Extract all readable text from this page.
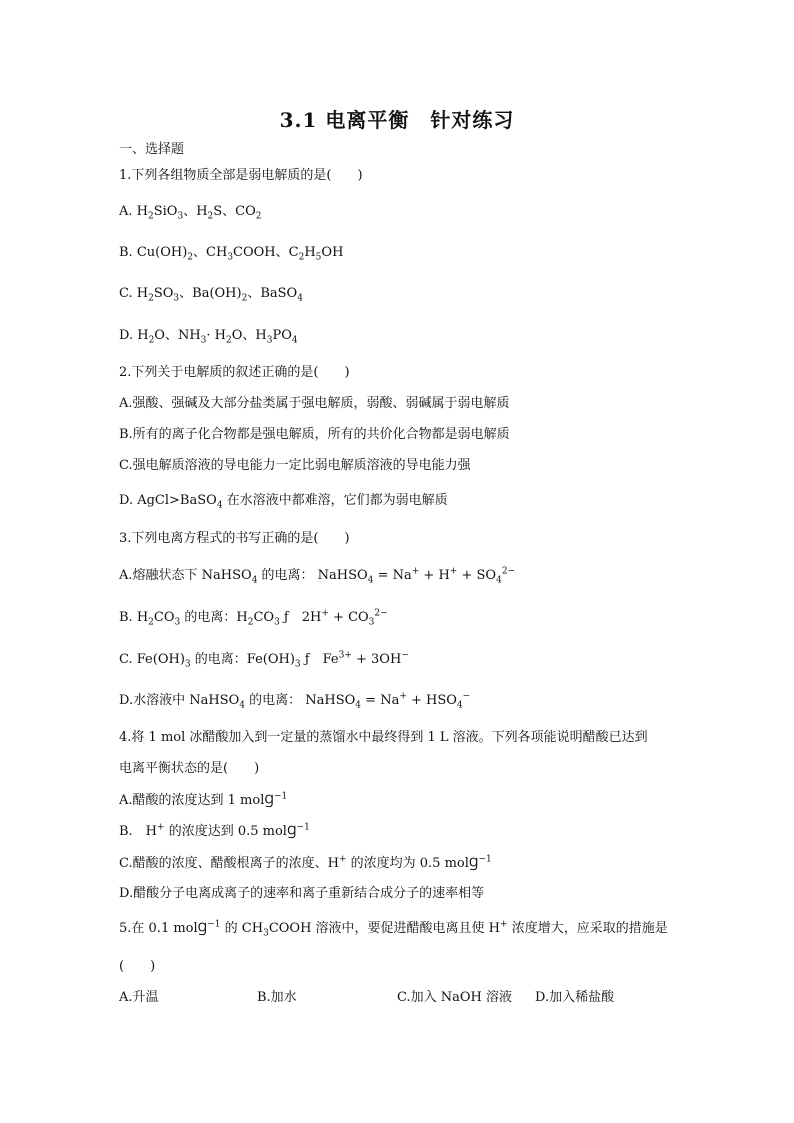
3.1 电离平衡　针对练习
一、选择题
1.下列各组物质全部是弱电解质的是(　　)
A. $H_2SiO_3$、$H_2S$、$CO_2$
B. $Cu(OH)_2$、$CH_3COOH$、$C_2H_5OH$
C. $H_2SO_3$、$Ba(OH)_2$、BaSO$_4$
D. $H_2O$、$NH_3\cdot H_2O$、$H_3PO_4$
2.下列关于电解质的叙述正确的是(　　)
A.强酸、强碱及大部分盐类属于强电解质，弱酸、弱碱属于弱电解质
B.所有的离子化合物都是强电解质，所有的共价化合物都是弱电解质
C.强电解质溶液的导电能力一定比弱电解质溶液的导电能力强
D. AgCl>BaSO$_4$ 在水溶液中都难溶，它们都为弱电解质
3.下列电离方程式的书写正确的是(　　)
A.熔融状态下 NaHSO$_4$ 的电离： NaHSO$_4$ = $Na^+ + H^+ + SO_4^{2-}$
B. $H_2CO_3$ 的电离：$H_2CO_3$ ƒ　$2H^+ + CO_3^{2-}$
C. $Fe(OH)_3$ 的电离：$Fe(OH)_3$ ƒ　$Fe^{3+} + 3OH^-$
D.水溶液中 NaHSO$_4$ 的电离： NaHSO$_4$ = $Na^+ + HSO_4^-$
4.将 1 mol 冰醋酸加入到一定量的蒸馏水中最终得到 1 L 溶液。下列各项能说明醋酸已达到
电离平衡状态的是(　　)
A.醋酸的浓度达到 1 molꞬ$^{-1}$
B.　H+ 的浓度达到 0.5 molꞬ$^{-1}$
C.醋酸的浓度、醋酸根离子的浓度、H+ 的浓度均为 0.5 molꞬ$^{-1}$
D.醋酸分子电离成离子的速率和离子重新结合成分子的速率相等
5.在 0.1 molꞬ$^{-1}$ 的 $CH_3COOH$ 溶液中，要促进醋酸电离且使 H+ 浓度增大，应采取的措施是
(　　)
A.升温	B.加水	C.加入 NaOH 溶液 D.加入稀盐酸
